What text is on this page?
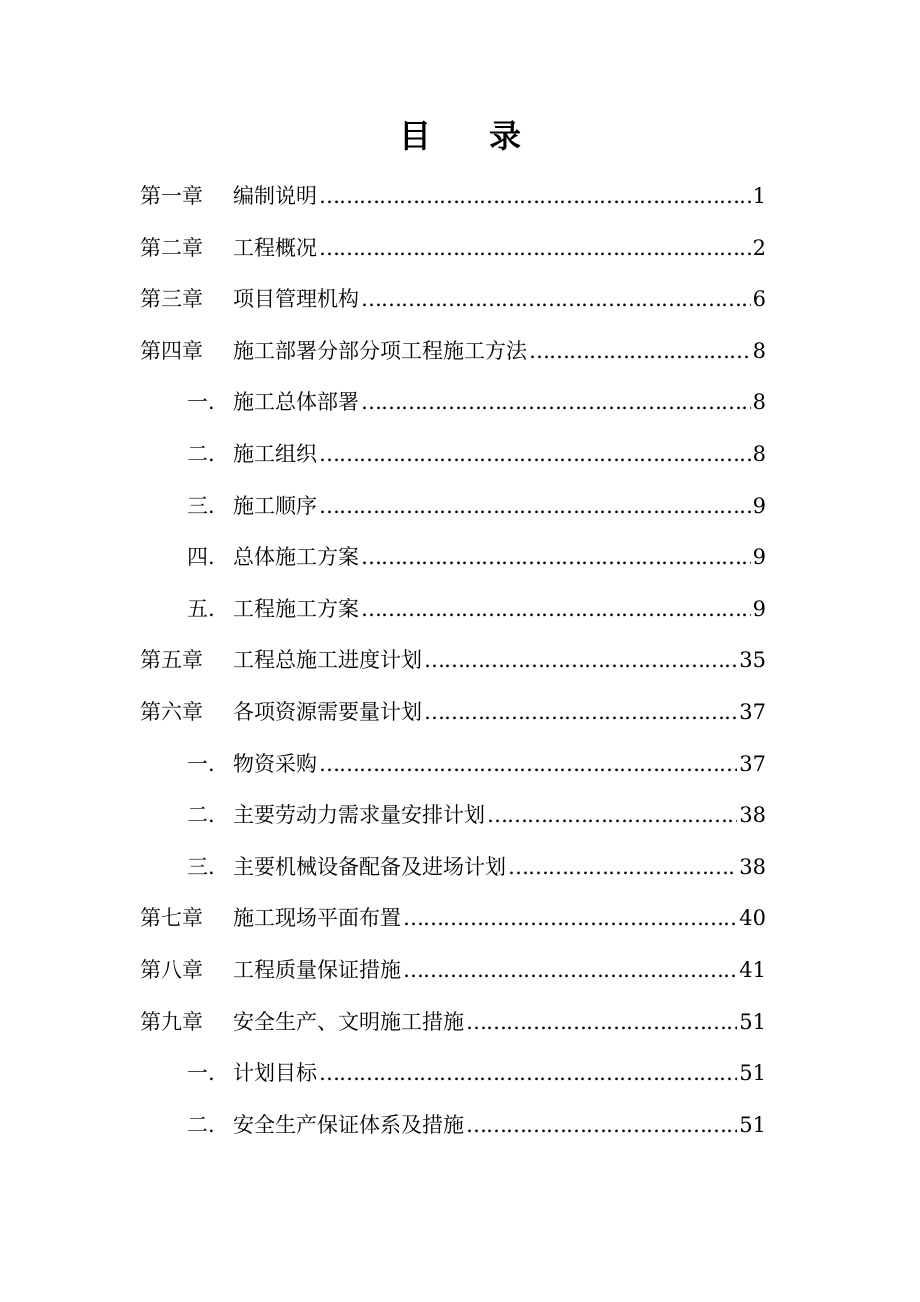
目 录
第一章	编制说明 …………………………………………………………………………………………………………………………………………	1
第二章	工程概况 …………………………………………………………………………………………………………………………………………	2
第三章	项目管理机构 …………………………………………………………………………………………………………………………………………	6
第四章	施工部署分部分项工程施工方法 …………………………………………………………………………………………………………………………………………	8
一. 施工总体部署 …………………………………………………………………………………………………………………………………………	8
二. 施工组织 …………………………………………………………………………………………………………………………………………	8
三. 施工顺序 …………………………………………………………………………………………………………………………………………	9
四. 总体施工方案 …………………………………………………………………………………………………………………………………………	9
五. 工程施工方案 …………………………………………………………………………………………………………………………………………	9
第五章	工程总施工进度计划 …………………………………………………………………………………………………………………………………………	35
第六章	各项资源需要量计划 …………………………………………………………………………………………………………………………………………	37
一. 物资采购 …………………………………………………………………………………………………………………………………………	37
二. 主要劳动力需求量安排计划 …………………………………………………………………………………………………………………………………………	38
三. 主要机械设备配备及进场计划 …………………………………………………………………………………………………………………………………………	38
第七章	施工现场平面布置 …………………………………………………………………………………………………………………………………………	40
第八章	工程质量保证措施 …………………………………………………………………………………………………………………………………………	41
第九章	安全生产、文明施工措施 …………………………………………………………………………………………………………………………………………	51
一. 计划目标 …………………………………………………………………………………………………………………………………………	51
二. 安全生产保证体系及措施 …………………………………………………………………………………………………………………………………………	51
